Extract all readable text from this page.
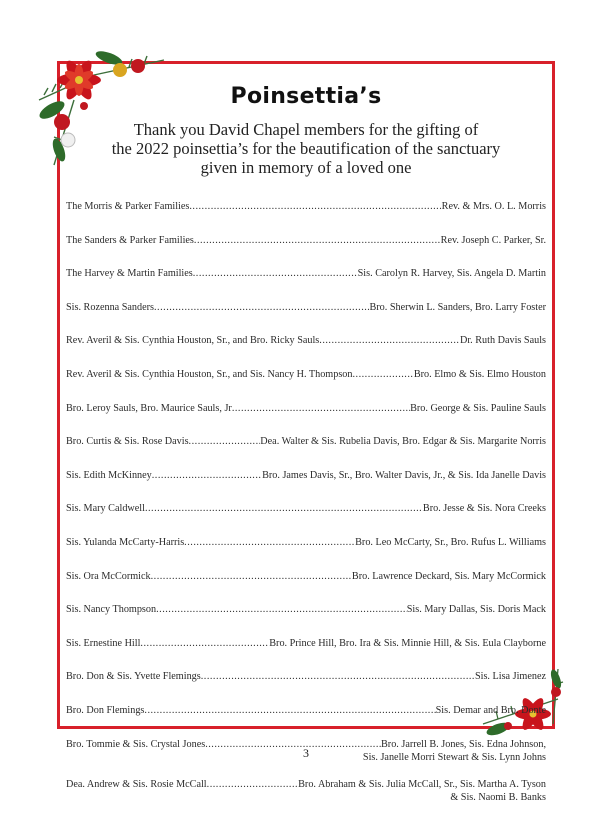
Poinsettia’s
Thank you David Chapel members for the gifting of
the 2022 poinsettia’s for the beautification of the sanctuary
given in memory of a loved one
The Morris & Parker Families .....	Rev. & Mrs. O. L. Morris
The Sanders & Parker Families .....	Rev. Joseph C. Parker, Sr.
The Harvey & Martin Families .....	Sis. Carolyn R. Harvey, Sis. Angela D. Martin
Sis. Rozenna Sanders .....	Bro. Sherwin L. Sanders, Bro. Larry Foster
Rev. Averil & Sis. Cynthia Houston, Sr., and Bro. Ricky Sauls .....	Dr. Ruth Davis Sauls
Rev. Averil & Sis. Cynthia Houston, Sr., and Sis. Nancy H. Thompson .....	Bro. Elmo & Sis. Elmo Houston
Bro. Leroy Sauls, Bro. Maurice Sauls, Jr .....	Bro. George & Sis. Pauline Sauls
Bro. Curtis & Sis. Rose Davis .....	Dea. Walter & Sis. Rubelia Davis, Bro. Edgar & Sis. Margarite Norris
Sis. Edith McKinney .....	Bro. James Davis, Sr., Bro. Walter Davis, Jr., & Sis. Ida Janelle Davis
Sis. Mary Caldwell .....	Bro. Jesse & Sis. Nora Creeks
Sis. Yulanda McCarty-Harris .....	Bro. Leo McCarty, Sr., Bro. Rufus L. Williams
Sis. Ora McCormick .....	Bro. Lawrence Deckard, Sis. Mary McCormick
Sis. Nancy Thompson .....	Sis. Mary Dallas, Sis. Doris Mack
Sis. Ernestine Hill .....	Bro. Prince Hill, Bro. Ira & Sis. Minnie Hill, & Sis. Eula Clayborne
Bro. Don & Sis. Yvette Flemings .....	Sis. Lisa Jimenez
Bro. Don Flemings .....	Sis. Demar and Bro. Donte
Bro. Tommie & Sis. Crystal Jones .....	Bro. Jarrell B. Jones, Sis. Edna Johnson,
Sis. Janelle Morri Stewart & Sis. Lynn Johns
Dea. Andrew & Sis. Rosie McCall .....	Bro. Abraham & Sis. Julia McCall, Sr., Sis. Martha A. Tyson
& Sis. Naomi B. Banks
3
